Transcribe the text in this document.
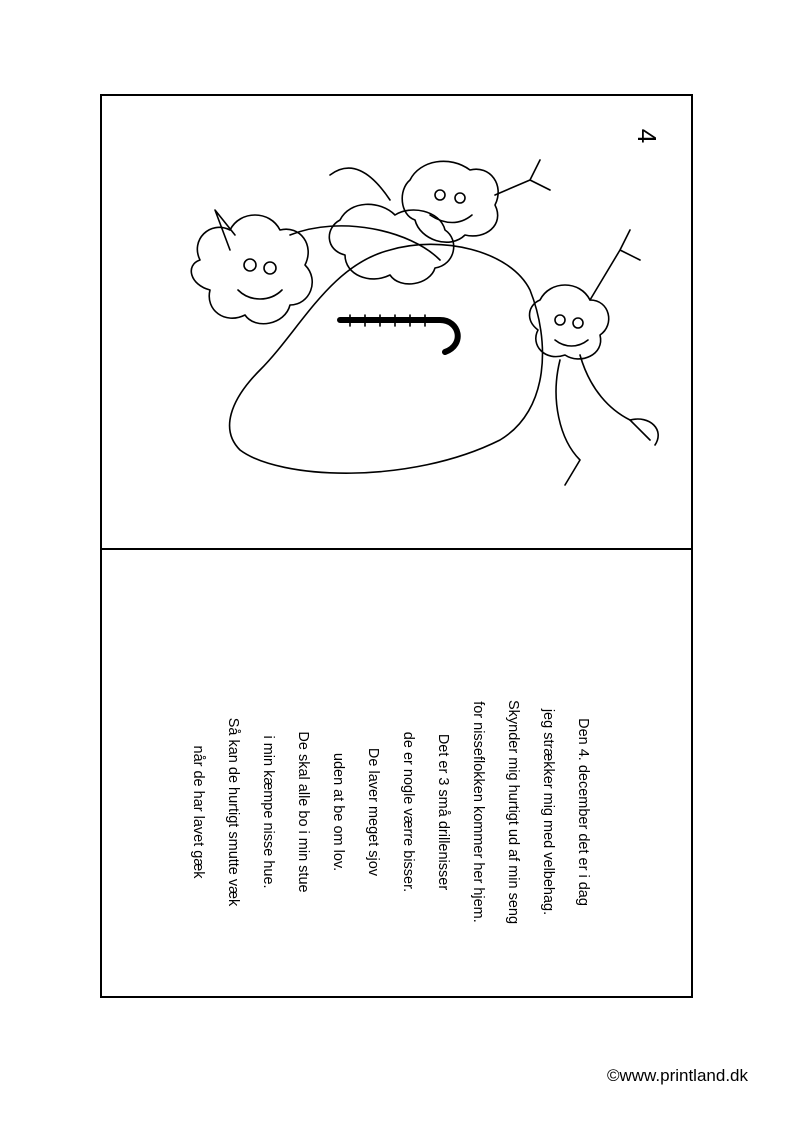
4
Den 4. december det er i dag
jeg strækker mig med velbehag.
Skynder mig hurtigt ud af min seng
for nisseflokken kommer her hjem.
Det er 3 små drillenisser
de er nogle værre bisser.
De laver meget sjov
uden at be om lov.
De skal alle bo i min stue
i min kæmpe nisse hue.
Så kan de hurtigt smutte væk
når de har lavet gæk
©www.printland.dk
